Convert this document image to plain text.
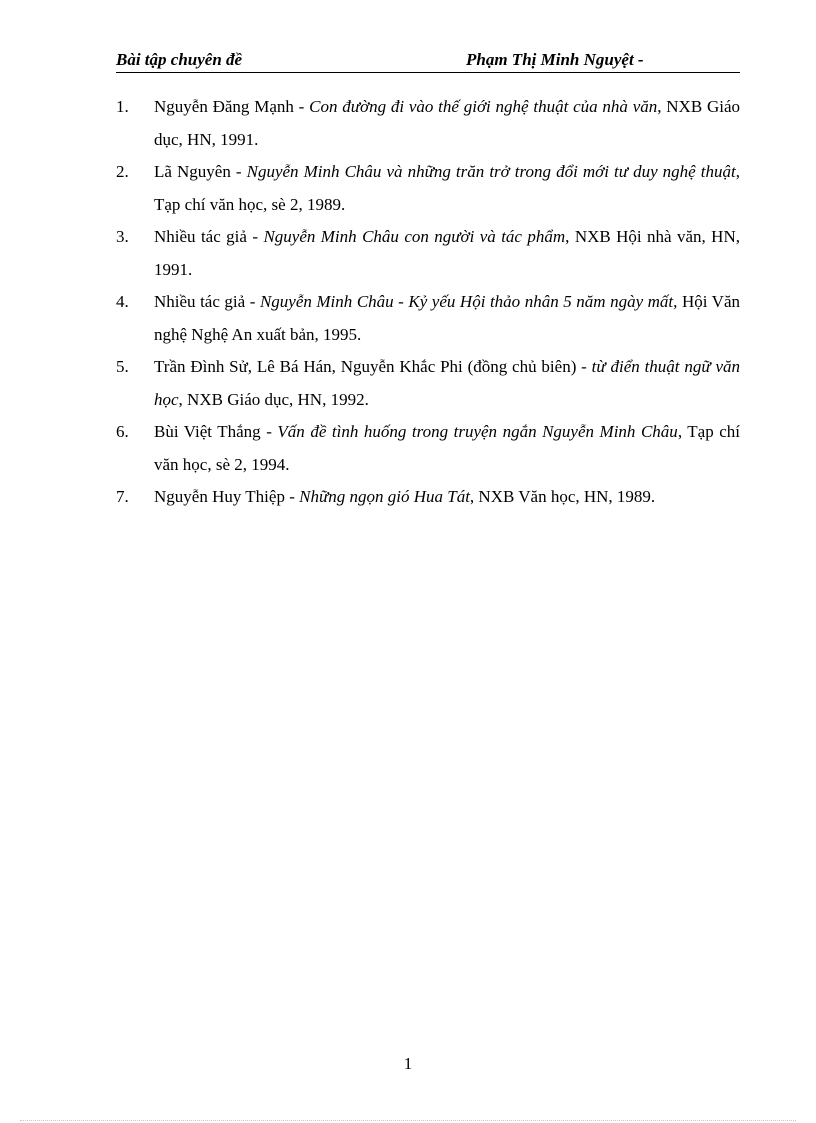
Bài tập chuyên đề	Phạm Thị Minh Nguyệt -
1. Nguyễn Đăng Mạnh - Con đường đi vào thế giới nghệ thuật của nhà văn, NXB Giáo dục, HN, 1991.
2. Lã Nguyên - Nguyễn Minh Châu và những trăn trở trong đổi mới tư duy nghệ thuật, Tạp chí văn học, sè 2, 1989.
3. Nhiều tác giả - Nguyễn Minh Châu con người và tác phẩm, NXB Hội nhà văn, HN, 1991.
4. Nhiều tác giả - Nguyễn Minh Châu - Kỷ yếu Hội thảo nhân 5 năm ngày mất, Hội Văn nghệ Nghệ An xuất bản, 1995.
5. Trần Đình Sử, Lê Bá Hán, Nguyễn Khắc Phi (đồng chủ biên) - từ điển thuật ngữ văn học, NXB Giáo dục, HN, 1992.
6. Bùi Việt Thắng - Vấn đề tình huống trong truyện ngắn Nguyễn Minh Châu, Tạp chí văn học, sè 2, 1994.
7. Nguyễn Huy Thiệp - Những ngọn gió Hua Tát, NXB Văn học, HN, 1989.
1
